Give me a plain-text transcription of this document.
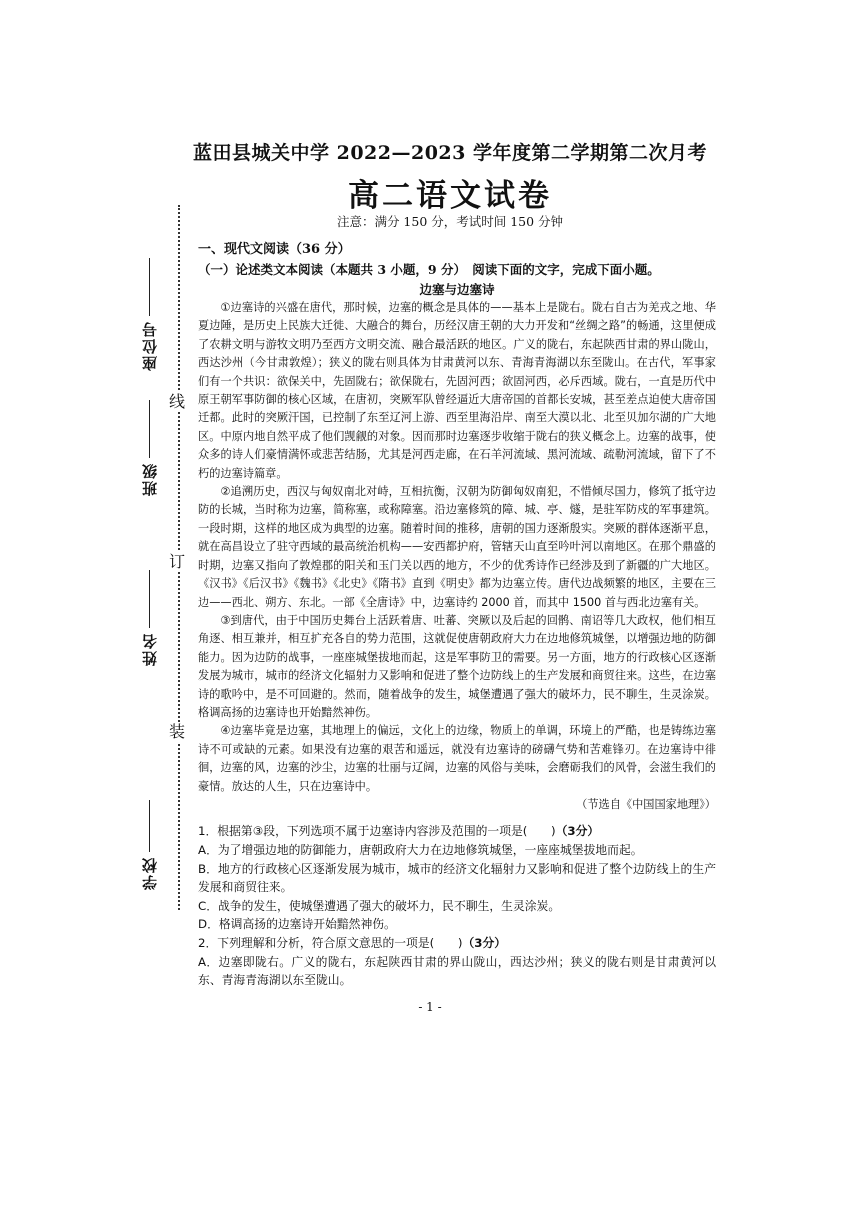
蓝田县城关中学 2022—2023 学年度第二学期第二次月考
高二语文试卷
注意：满分 150 分，考试时间 150 分钟
线
订
装
座位号
班级
姓名
学校

一、现代文阅读（36 分）

（一）论述类文本阅读（本题共 3 小题，9 分）　 阅读下面的文字，完成下面小题。

边塞与边塞诗

①边塞诗的兴盛在唐代，那时候，边塞的概念是具体的——基本上是陇右。陇右自古为羌戎之地、华夏边陲，是历史上民族大迁徙、大融合的舞台，历经汉唐王朝的大力开发和“丝绸之路”的畅通，这里便成了农耕文明与游牧文明乃至西方文明交流、融合最活跃的地区。广义的陇右，东起陕西甘肃的界山陇山，西达沙州（今甘肃敦煌）；狭义的陇右则具体为甘肃黄河以东、青海青海湖以东至陇山。在古代，军事家们有一个共识：欲保关中，先固陇右；欲保陇右，先固河西；欲固河西，必斥西域。陇右，一直是历代中原王朝军事防御的核心区域，在唐初，突厥军队曾经逼近大唐帝国的首都长安城，甚至差点迫使大唐帝国迁都。此时的突厥汗国，已控制了东至辽河上游、西至里海沿岸、南至大漠以北、北至贝加尔湖的广大地区。中原内地自然平成了他们觊觎的对象。因而那时边塞逐步收缩于陇右的狭义概念上。边塞的战事，使众多的诗人们豪情满怀或悲苦结肠，尤其是河西走廊，在石羊河流域、黑河流域、疏勒河流域，留下了不朽的边塞诗篇章。

②追溯历史，西汉与匈奴南北对峙，互相抗衡，汉朝为防御匈奴南犯，不惜倾尽国力，修筑了抵守边防的长城，当时称为边塞，简称塞，或称障塞。沿边塞修筑的障、城、亭、燧，是驻军防戍的军事建筑。一段时期，这样的地区成为典型的边塞。随着时间的推移，唐朝的国力逐渐殷实。突厥的群体逐渐平息，就在高昌设立了驻守西域的最高统治机构——安西都护府，管辖天山直至吟叶河以南地区。在那个鼎盛的时期，边塞又指向了敦煌郡的阳关和玉门关以西的地方，不少的优秀诗作已经涉及到了新疆的广大地区。《汉书》《后汉书》《魏书》《北史》《隋书》直到《明史》都为边塞立传。唐代边战频繁的地区，主要在三边——西北、朔方、东北。一部《全唐诗》中，边塞诗约 2000 首，而其中 1500 首与西北边塞有关。

③到唐代，由于中国历史舞台上活跃着唐、吐蕃、突厥以及后起的回鹘、南诏等几大政权，他们相互角逐、相互兼并，相互扩充各自的势力范围，这就促使唐朝政府大力在边地修筑城堡，以增强边地的防御能力。因为边防的战事，一座座城堡拔地而起，这是军事防卫的需要。另一方面，地方的行政核心区逐渐发展为城市，城市的经济文化辐射力又影响和促进了整个边防线上的生产发展和商贸往来。这些，在边塞诗的歌吟中，是不可回避的。然而，随着战争的发生，城堡遭遇了强大的破坏力，民不聊生，生灵涂炭。格调高扬的边塞诗也开始黯然神伤。

④边塞毕竟是边塞，其地理上的偏远，文化上的边缘，物质上的单调，环境上的严酷，也是铸练边塞诗不可或缺的元素。如果没有边塞的艰苦和遥远，就没有边塞诗的磅礴气势和苦难锋刃。在边塞诗中徘徊，边塞的风，边塞的沙尘，边塞的壮丽与辽阔，边塞的风俗与美味，会磨砺我们的风骨，会滋生我们的豪情。放达的人生，只在边塞诗中。

（节选自《中国国家地理》）

1．根据第③段，下列选项不属于边塞诗内容涉及范围的一项是(　　)（3分）

A．为了增强边地的防御能力，唐朝政府大力在边地修筑城堡，一座座城堡拔地而起。

B．地方的行政核心区逐渐发展为城市，城市的经济文化辐射力又影响和促进了整个边防线上的生产发展和商贸往来。

C．战争的发生，使城堡遭遇了强大的破坏力，民不聊生，生灵涂炭。

D．格调高扬的边塞诗开始黯然神伤。

2．下列理解和分析，符合原文意思的一项是(　　)（3分）

A．边塞即陇右。广义的陇右，东起陕西甘肃的界山陇山，西达沙州；狭义的陇右则是甘肃黄河以东、青海青海湖以东至陇山。

- 1 -
